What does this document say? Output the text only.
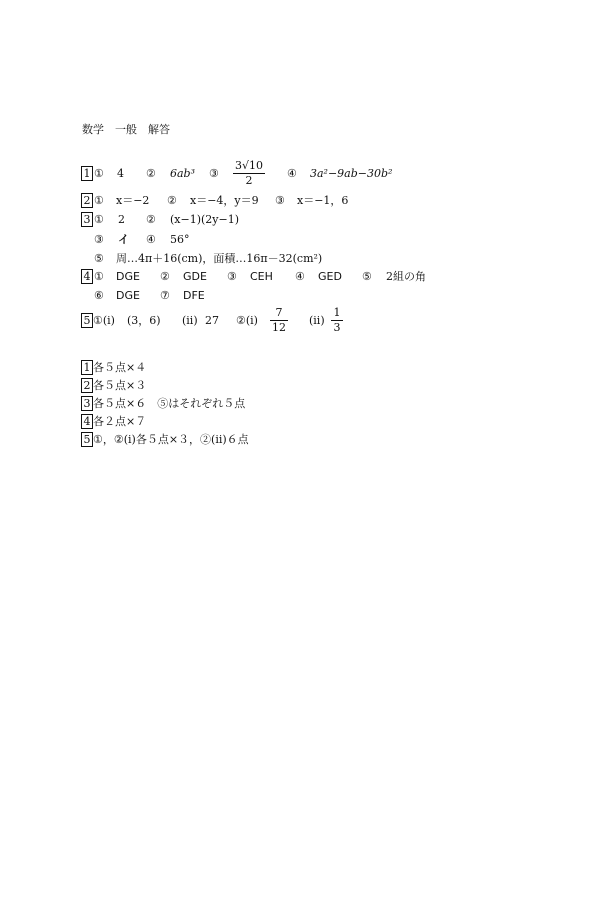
数学　一般　解答
1 ① 4 ② 6ab³ ③
3√10
2
④ 3a²−9ab−30b²
2 ① x＝−2 ② x＝−4，y＝9 ③ x＝−1，6
3 ① 2 ② (x−1)(2y−1)
③ イ ④ 56°
⑤ 周…4π＋16(cm)，面積…16π－32(cm²)
4 ① DGE ② GDE ③ CEH ④ GED ⑤ 2組の角
⑥ DGE ⑦ DFE
5 ①(i) (3，6) (ii) 27 ②(i)
7
12
(ii)
1
3
1 各５点×４
2 各５点×３
3 各５点×６　⑤はそれぞれ５点
4 各２点×７
5 ①，②(i)各５点×３，②(ii)６点
